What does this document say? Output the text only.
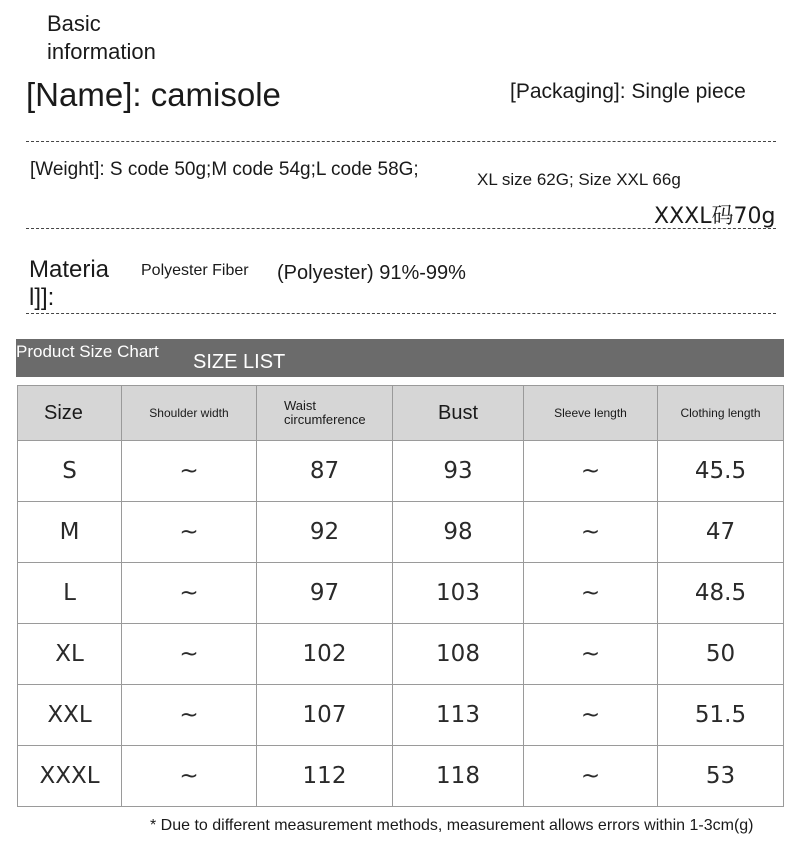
Basic information
[Name]: camisole	[Packaging]: Single piece
[Weight]: S code 50g;M code 54g;L code 58G;	XL size 62G; Size XXL 66g
XXXL码70g
Material]]:
Polyester Fiber (Polyester) 91%-99%
Product Size Chart SIZE LIST
Size	Shoulder width	Waist circumference	Bust	Sleeve length	Clothing length
S	~	87	93	~	45.5
M	~	92	98	~	47
L	~	97	103	~	48.5
XL	~	102	108	~	50
XXL	~	107	113	~	51.5
XXXL	~	112	118	~	53
* Due to different measurement methods, measurement allows errors within 1-3cm(g)
